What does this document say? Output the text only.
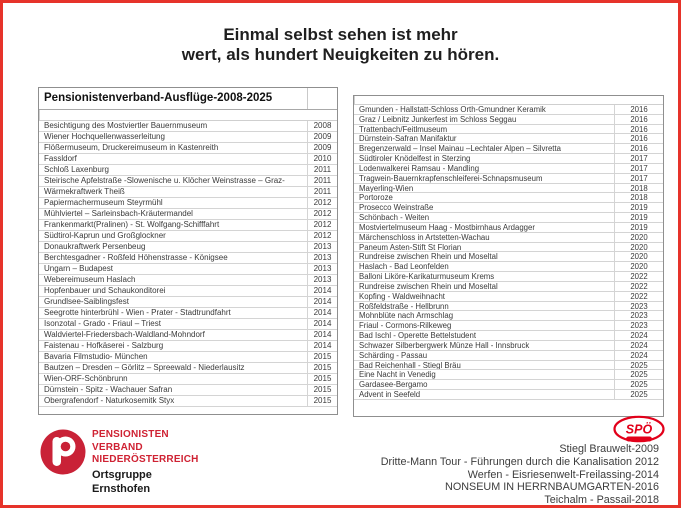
Einmal selbst sehen ist mehr
wert, als hundert Neuigkeiten zu hören.
Pensionistenverband-Ausflüge-2008-2025
Besichtigung des Mostviertler Bauernmuseum	2008
Wiener Hochquellenwasserleitung	2009
Flößermuseum, Druckereimuseum in Kastenreith	2009
Fassldorf	2010
Schloß Laxenburg	2011
Steirische Apfelstraße -Slowenische u. Klöcher Weinstrasse – Graz-	2011
Wärmekraftwerk Theiß	2011
Papiermachermuseum Steyrmühl	2012
Mühlviertel – Sarleinsbach-Kräutermandel	2012
Frankenmarkt(Pralinen) - St. Wolfgang-Schifffahrt	2012
Südtirol-Kaprun und Großglockner	2012
Donaukraftwerk Persenbeug	2013
Berchtesgadner - Roßfeld Höhenstrasse - Königsee	2013
Ungarn – Budapest	2013
Webereimuseum Haslach	2013
Hopfenbauer und Schaukonditorei	2014
Grundlsee-Saiblingsfest	2014
Seegrotte hinterbrühl - Wien - Prater - Stadtrundfahrt	2014
Isonzotal - Grado - Friaul – Triest	2014
Waldviertel-Friedersbach-Waldland-Mohndorf	2014
Faistenau - Hofkäserei - Salzburg	2014
Bavaria Filmstudio- München	2015
Bautzen – Dresden – Görlitz – Spreewald - Niederlausitz	2015
Wien-ORF-Schönbrunn	2015
Dürnstein - Spitz - Wachauer Safran	2015
Obergrafendorf - Naturkosemitk Styx	2015
Gmunden - Hallstatt-Schloss Orth-Gmundner Keramik	2016
Graz / Leibnitz Junkerfest im Schloss Seggau	2016
Trattenbach/Feitlmuseum	2016
Dürnstein-Safran Manifaktur	2016
Bregenzerwald – Insel Mainau –Lechtaler Alpen – Silvretta	2016
Südtiroler Knödelfest in Sterzing	2017
Lodenwalkerei Ramsau - Mandling	2017
Tragwein-Bauernkrapfenschleiferei-Schnapsmuseum	2017
Mayerling-Wien	2018
Portoroze	2018
Prosecco Weinstraße	2019
Schönbach - Weiten	2019
Mostviertelmuseum Haag - Mostbirnhaus Ardagger	2019
Märchenschloss in Artstetten-Wachau	2020
Paneum Asten-Stift St Florian	2020
Rundreise zwischen Rhein und Moseltal	2020
Haslach - Bad Leonfelden	2020
Balloni Liköre-Karikaturmuseum Krems	2022
Rundreise zwischen Rhein und Moseltal	2022
Kopfing - Waldweihnacht	2022
Roßfeldstraße - Hellbrunn	2023
Mohnblüte nach Armschlag	2023
Friaul - Cormons-Rilkeweg	2023
Bad Ischl - Operette Bettelstudent	2024
Schwazer Silberbergwerk Münze Hall - Innsbruck	2024
Schärding - Passau	2024
Bad Reichenhall - Stiegl Bräu	2025
Eine Nacht in Venedig	2025
Gardasee-Bergamo	2025
Advent in Seefeld	2025
PENSIONISTEN
VERBAND
NIEDERÖSTERREICH
Ortsgruppe
Ernsthofen
SPÖ
Stiegl Brauwelt-2009
Dritte-Mann Tour - Führungen durch die Kanalisation 2012
Werfen - Eisriesenwelt-Freilassing-2014
NONSEUM IN HERRNBAUMGARTEN-2016
Teichalm - Passail-2018
